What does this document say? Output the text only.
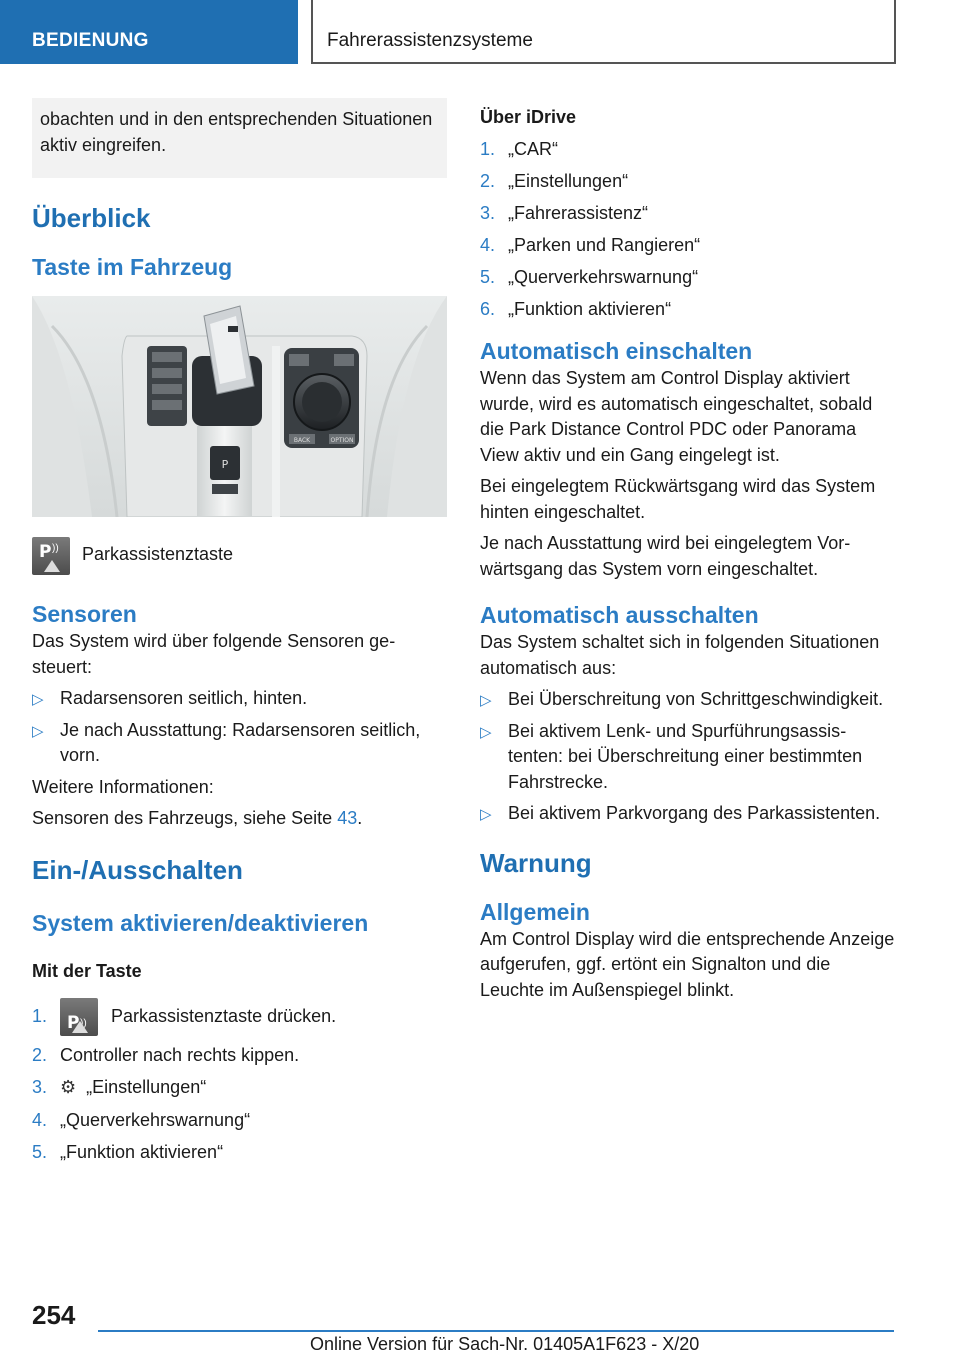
BEDIENUNG	Fahrerassistenzsysteme
obachten und in den entsprechenden Situationen aktiv eingreifen.
Überblick
Taste im Fahrzeug
P
BACK	OPTION
P )) Parkassistenztaste
Sensoren

Das System wird über folgende Sensoren gesteuert:

▷ Radarsensoren seitlich, hinten.
▷ Je nach Ausstattung: Radarsensoren seitlich, vorn.

Weitere Informationen:

Sensoren des Fahrzeugs, siehe Seite 43.

Ein-/Ausschalten
System aktivieren/deaktivieren
Mit der Taste
1. P )) Parkassistenztaste drücken.
2. Controller nach rechts kippen.
3. ⚙ „Einstellungen“
4. „Querverkehrswarnung“
5. „Funktion aktivieren“
Über iDrive
1. „CAR“
2. „Einstellungen“
3. „Fahrerassistenz“
4. „Parken und Rangieren“
5. „Querverkehrswarnung“
6. „Funktion aktivieren“
Automatisch einschalten

Wenn das System am Control Display aktiviert wurde, wird es automatisch eingeschaltet, sobald die Park Distance Control PDC oder Panorama View aktiv und ein Gang eingelegt ist.

Bei eingelegtem Rückwärtsgang wird das System hinten eingeschaltet.

Je nach Ausstattung wird bei eingelegtem Vorwärtsgang das System vorn eingeschaltet.

Automatisch ausschalten

Das System schaltet sich in folgenden Situationen automatisch aus:

▷ Bei Überschreitung von Schrittgeschwindigkeit.
▷ Bei aktivem Lenk- und Spurführungsassistenten: bei Überschreitung einer bestimmten Fahrstrecke.
▷ Bei aktivem Parkvorgang des Parkassistenten.
Warnung
Allgemein

Am Control Display wird die entsprechende Anzeige aufgerufen, ggf. ertönt ein Signalton und die Leuchte im Außenspiegel blinkt.

254
Online Version für Sach-Nr. 01405A1F623 - X/20
